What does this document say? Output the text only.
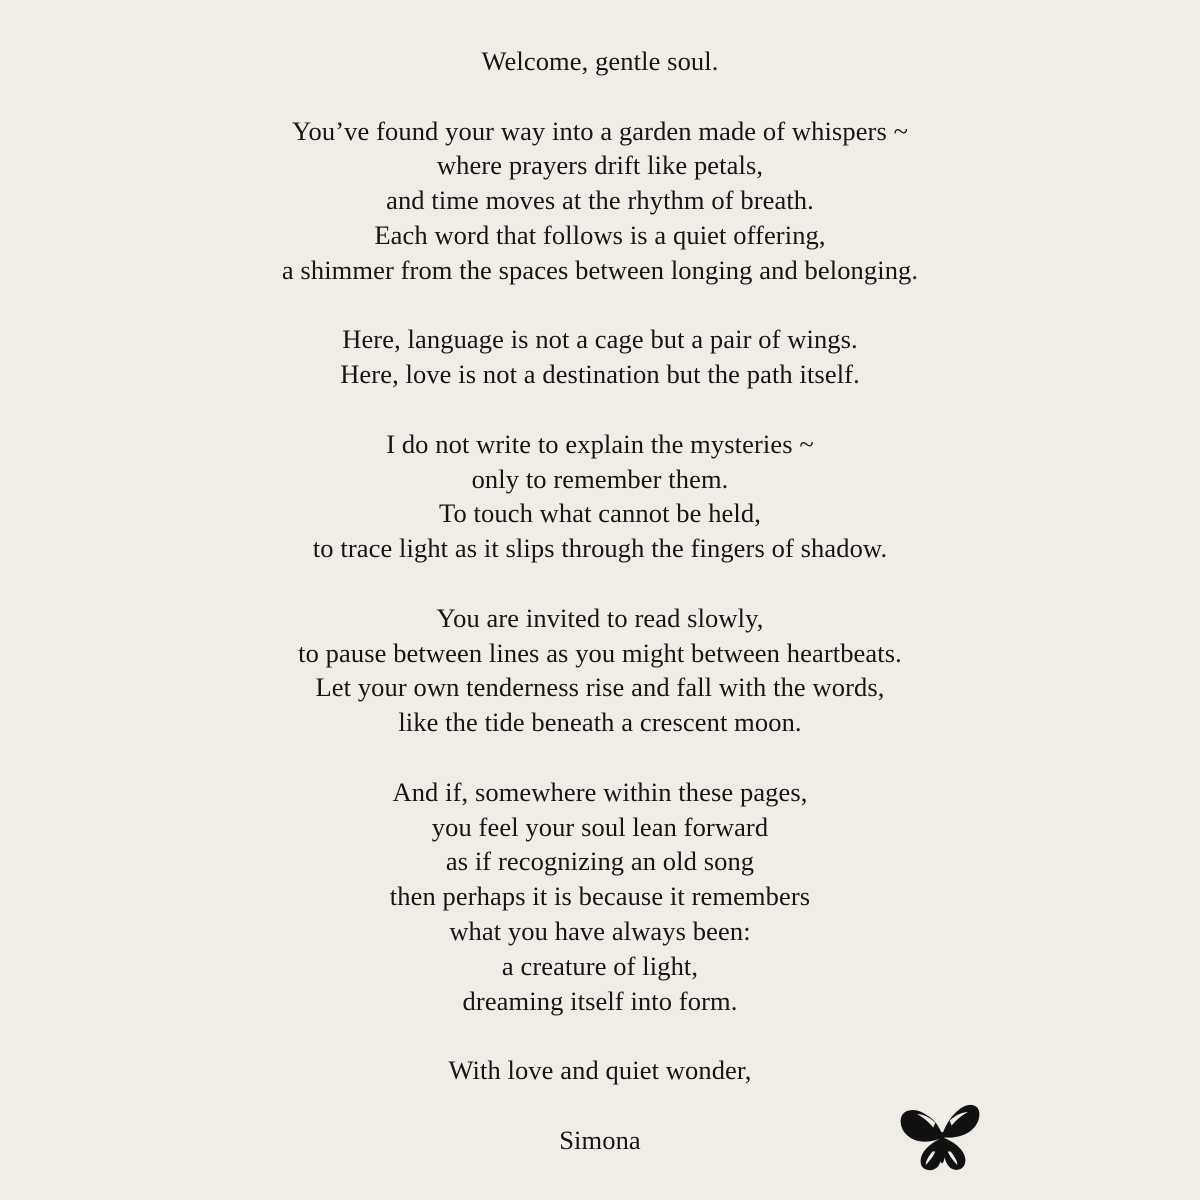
Welcome, gentle soul.
You’ve found your way into a garden made of whispers ~
where prayers drift like petals,
and time moves at the rhythm of breath.
Each word that follows is a quiet offering,
a shimmer from the spaces between longing and belonging.
Here, language is not a cage but a pair of wings.
Here, love is not a destination but the path itself.
I do not write to explain the mysteries ~
only to remember them.
To touch what cannot be held,
to trace light as it slips through the fingers of shadow.
You are invited to read slowly,
to pause between lines as you might between heartbeats.
Let your own tenderness rise and fall with the words,
like the tide beneath a crescent moon.
And if, somewhere within these pages,
you feel your soul lean forward
as if recognizing an old song
then perhaps it is because it remembers
what you have always been:
a creature of light,
dreaming itself into form.
With love and quiet wonder,
Simona
